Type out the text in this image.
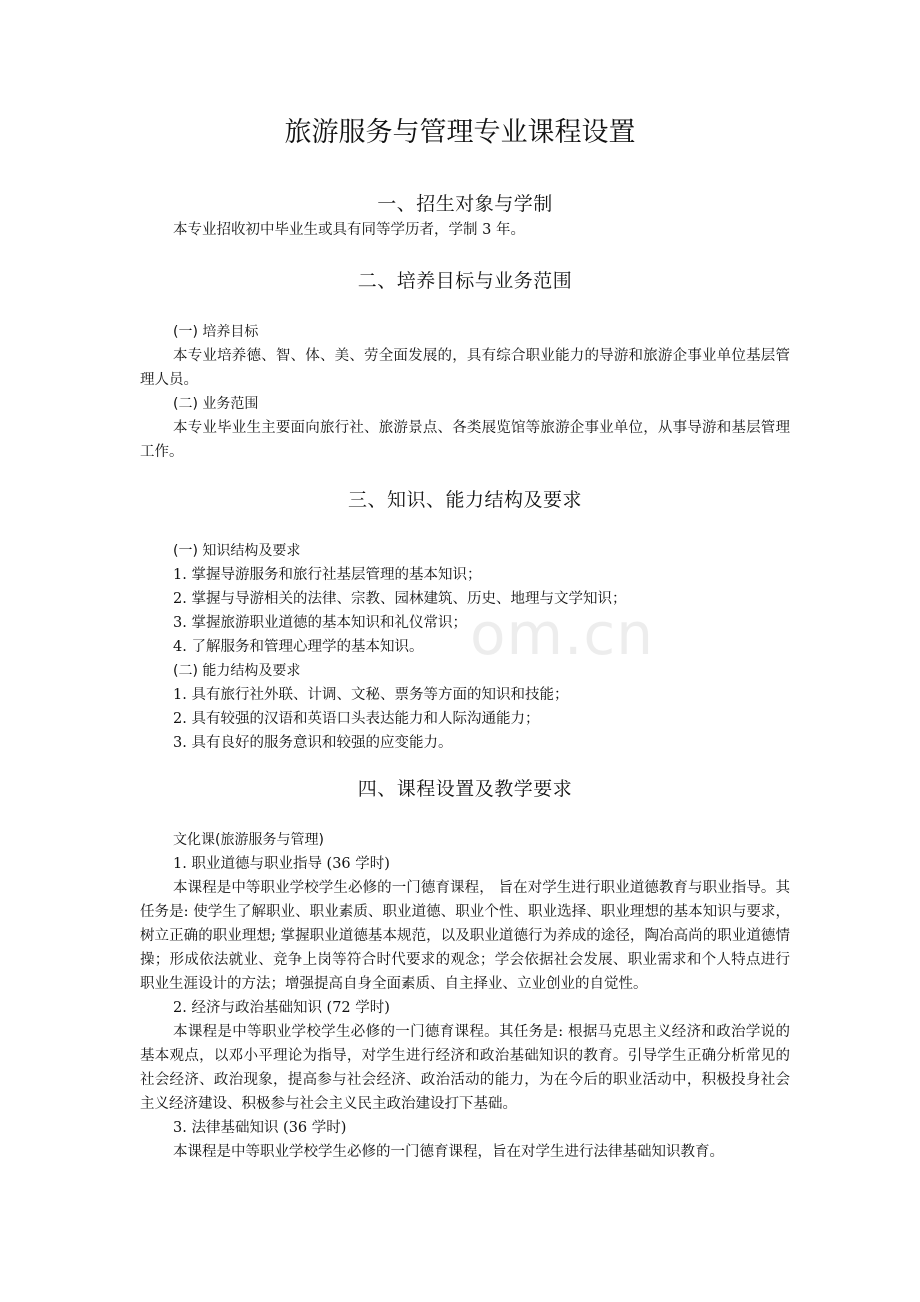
om.cn
旅游服务与管理专业课程设置
一、招生对象与学制

本专业招收初中毕业生或具有同等学历者，学制 3 年。

二、培养目标与业务范围
(一) 培养目标

本专业培养德、智、体、美、劳全面发展的，具有综合职业能力的导游和旅游企事业单位基层管理人员。

(二) 业务范围

本专业毕业生主要面向旅行社、旅游景点、各类展览馆等旅游企事业单位，从事导游和基层管理工作。

三、知识、能力结构及要求
(一) 知识结构及要求

1. 掌握导游服务和旅行社基层管理的基本知识；

2. 掌握与导游相关的法律、宗教、园林建筑、历史、地理与文学知识；

3. 掌握旅游职业道德的基本知识和礼仪常识；

4. 了解服务和管理心理学的基本知识。

(二) 能力结构及要求

1. 具有旅行社外联、计调、文秘、票务等方面的知识和技能；

2. 具有较强的汉语和英语口头表达能力和人际沟通能力；

3. 具有良好的服务意识和较强的应变能力。

四、课程设置及教学要求
文化课(旅游服务与管理)

1. 职业道德与职业指导 (36 学时)

本课程是中等职业学校学生必修的一门德育课程， 旨在对学生进行职业道德教育与职业指导。其任务是: 使学生了解职业、职业素质、职业道德、职业个性、职业选择、职业理想的基本知识与要求，树立正确的职业理想; 掌握职业道德基本规范，以及职业道德行为养成的途径，陶冶高尚的职业道德情操；形成依法就业、竞争上岗等符合时代要求的观念；学会依据社会发展、职业需求和个人特点进行职业生涯设计的方法；增强提高自身全面素质、自主择业、立业创业的自觉性。

2. 经济与政治基础知识 (72 学时)

本课程是中等职业学校学生必修的一门德育课程。其任务是: 根据马克思主义经济和政治学说的基本观点，以邓小平理论为指导，对学生进行经济和政治基础知识的教育。引导学生正确分析常见的社会经济、政治现象，提高参与社会经济、政治活动的能力，为在今后的职业活动中，积极投身社会主义经济建设、积极参与社会主义民主政治建设打下基础。

3. 法律基础知识 (36 学时)

本课程是中等职业学校学生必修的一门德育课程，旨在对学生进行法律基础知识教育。
